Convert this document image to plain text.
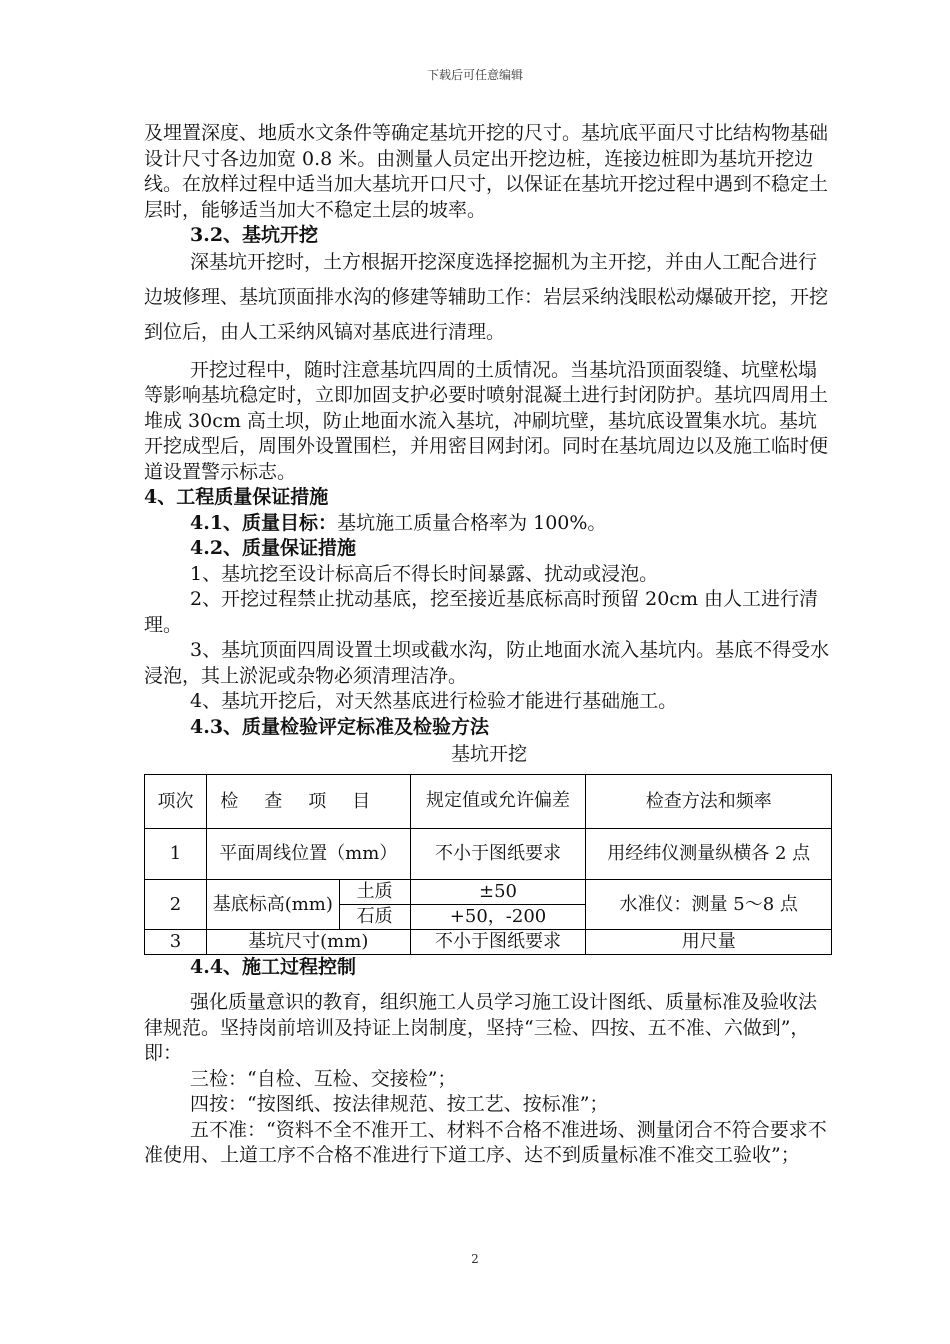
下载后可任意编辑

及埋置深度、地质水文条件等确定基坑开挖的尺寸。基坑底平面尺寸比结构物基础设计尺寸各边加宽 0.8 米。由测量人员定出开挖边桩，连接边桩即为基坑开挖边线。在放样过程中适当加大基坑开口尺寸，以保证在基坑开挖过程中遇到不稳定土层时，能够适当加大不稳定土层的坡率。

3.2、基坑开挖

深基坑开挖时，土方根据开挖深度选择挖掘机为主开挖，并由人工配合进行边坡修理、基坑顶面排水沟的修建等辅助工作：岩层采纳浅眼松动爆破开挖，开挖到位后，由人工采纳风镐对基底进行清理。

开挖过程中，随时注意基坑四周的土质情况。当基坑沿顶面裂缝、坑壁松塌等影响基坑稳定时，立即加固支护必要时喷射混凝土进行封闭防护。基坑四周用土堆成 30cm 高土坝，防止地面水流入基坑，冲刷坑壁，基坑底设置集水坑。基坑开挖成型后，周围外设置围栏，并用密目网封闭。同时在基坑周边以及施工临时便道设置警示标志。

4、工程质量保证措施

4.1、质量目标：基坑施工质量合格率为 100%。

4.2、质量保证措施

1、基坑挖至设计标高后不得长时间暴露、扰动或浸泡。

2、开挖过程禁止扰动基底，挖至接近基底标高时预留 20cm 由人工进行清理。

3、基坑顶面四周设置土坝或截水沟，防止地面水流入基坑内。基底不得受水浸泡，其上淤泥或杂物必须清理洁净。

4、基坑开挖后，对天然基底进行检验才能进行基础施工。

4.3、质量检验评定标准及检验方法

基坑开挖

项次	检查项目		规定值或允许偏差	检查方法和频率
1	平面周线位置（mm）		不小于图纸要求	用经纬仪测量纵横各 2 点
2	基底标高(mm)	土质	±50	水准仪：测量 5～8 点
		石质	+50，-200	
3	基坑尺寸(mm)		不小于图纸要求	用尺量

4.4、施工过程控制

强化质量意识的教育，组织施工人员学习施工设计图纸、质量标准及验收法律规范。坚持岗前培训及持证上岗制度，坚持“三检、四按、五不准、六做到”，即：

三检：“自检、互检、交接检”；

四按：“按图纸、按法律规范、按工艺、按标准”；

五不准：“资料不全不准开工、材料不合格不准进场、测量闭合不符合要求不准使用、上道工序不合格不准进行下道工序、达不到质量标准不准交工验收”；

2
